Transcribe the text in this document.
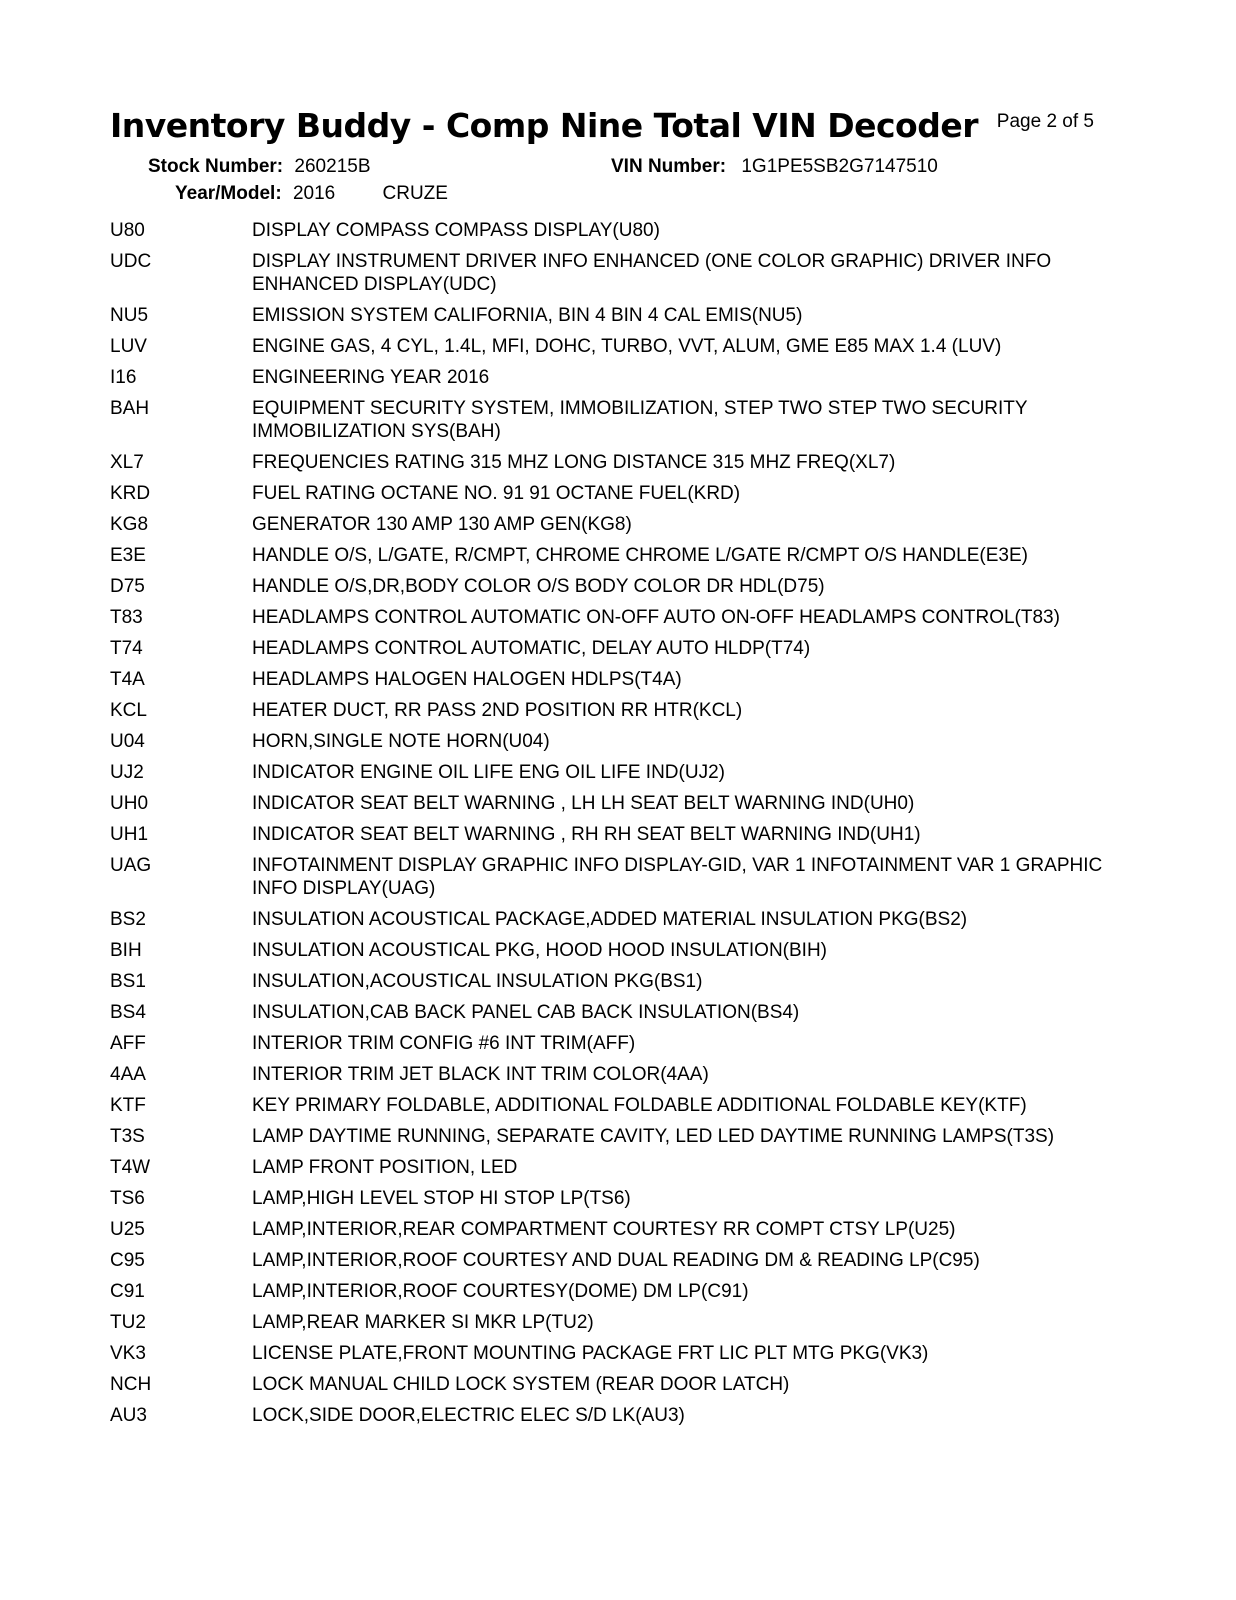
Inventory Buddy - Comp Nine Total VIN Decoder Page 2 of 5
Stock Number: 260215B	VIN Number: 1G1PE5SB2G7147510
Year/Model: 2016 CRUZE
U80	DISPLAY COMPASS COMPASS DISPLAY(U80)
UDC	DISPLAY INSTRUMENT DRIVER INFO ENHANCED (ONE COLOR GRAPHIC) DRIVER INFO ENHANCED DISPLAY(UDC)
NU5	EMISSION SYSTEM CALIFORNIA, BIN 4 BIN 4 CAL EMIS(NU5)
LUV	ENGINE GAS, 4 CYL, 1.4L, MFI, DOHC, TURBO, VVT, ALUM, GME E85 MAX 1.4 (LUV)
I16	ENGINEERING YEAR 2016
BAH	EQUIPMENT SECURITY SYSTEM, IMMOBILIZATION, STEP TWO STEP TWO SECURITY IMMOBILIZATION SYS(BAH)
XL7	FREQUENCIES RATING 315 MHZ LONG DISTANCE 315 MHZ FREQ(XL7)
KRD	FUEL RATING OCTANE NO. 91 91 OCTANE FUEL(KRD)
KG8	GENERATOR 130 AMP 130 AMP GEN(KG8)
E3E	HANDLE O/S, L/GATE, R/CMPT, CHROME CHROME L/GATE R/CMPT O/S HANDLE(E3E)
D75	HANDLE O/S,DR,BODY COLOR O/S BODY COLOR DR HDL(D75)
T83	HEADLAMPS CONTROL AUTOMATIC ON-OFF AUTO ON-OFF HEADLAMPS CONTROL(T83)
T74	HEADLAMPS CONTROL AUTOMATIC, DELAY AUTO HLDP(T74)
T4A	HEADLAMPS HALOGEN HALOGEN HDLPS(T4A)
KCL	HEATER DUCT, RR PASS 2ND POSITION RR HTR(KCL)
U04	HORN,SINGLE NOTE HORN(U04)
UJ2	INDICATOR ENGINE OIL LIFE ENG OIL LIFE IND(UJ2)
UH0	INDICATOR SEAT BELT WARNING , LH LH SEAT BELT WARNING IND(UH0)
UH1	INDICATOR SEAT BELT WARNING , RH RH SEAT BELT WARNING IND(UH1)
UAG	INFOTAINMENT DISPLAY GRAPHIC INFO DISPLAY-GID, VAR 1 INFOTAINMENT VAR 1 GRAPHIC INFO DISPLAY(UAG)
BS2	INSULATION ACOUSTICAL PACKAGE,ADDED MATERIAL INSULATION PKG(BS2)
BIH	INSULATION ACOUSTICAL PKG, HOOD HOOD INSULATION(BIH)
BS1	INSULATION,ACOUSTICAL INSULATION PKG(BS1)
BS4	INSULATION,CAB BACK PANEL CAB BACK INSULATION(BS4)
AFF	INTERIOR TRIM CONFIG #6 INT TRIM(AFF)
4AA	INTERIOR TRIM JET BLACK INT TRIM COLOR(4AA)
KTF	KEY PRIMARY FOLDABLE, ADDITIONAL FOLDABLE ADDITIONAL FOLDABLE KEY(KTF)
T3S	LAMP DAYTIME RUNNING, SEPARATE CAVITY, LED LED DAYTIME RUNNING LAMPS(T3S)
T4W	LAMP FRONT POSITION, LED
TS6	LAMP,HIGH LEVEL STOP HI STOP LP(TS6)
U25	LAMP,INTERIOR,REAR COMPARTMENT COURTESY RR COMPT CTSY LP(U25)
C95	LAMP,INTERIOR,ROOF COURTESY AND DUAL READING DM & READING LP(C95)
C91	LAMP,INTERIOR,ROOF COURTESY(DOME) DM LP(C91)
TU2	LAMP,REAR MARKER SI MKR LP(TU2)
VK3	LICENSE PLATE,FRONT MOUNTING PACKAGE FRT LIC PLT MTG PKG(VK3)
NCH	LOCK MANUAL CHILD LOCK SYSTEM (REAR DOOR LATCH)
AU3	LOCK,SIDE DOOR,ELECTRIC ELEC S/D LK(AU3)
